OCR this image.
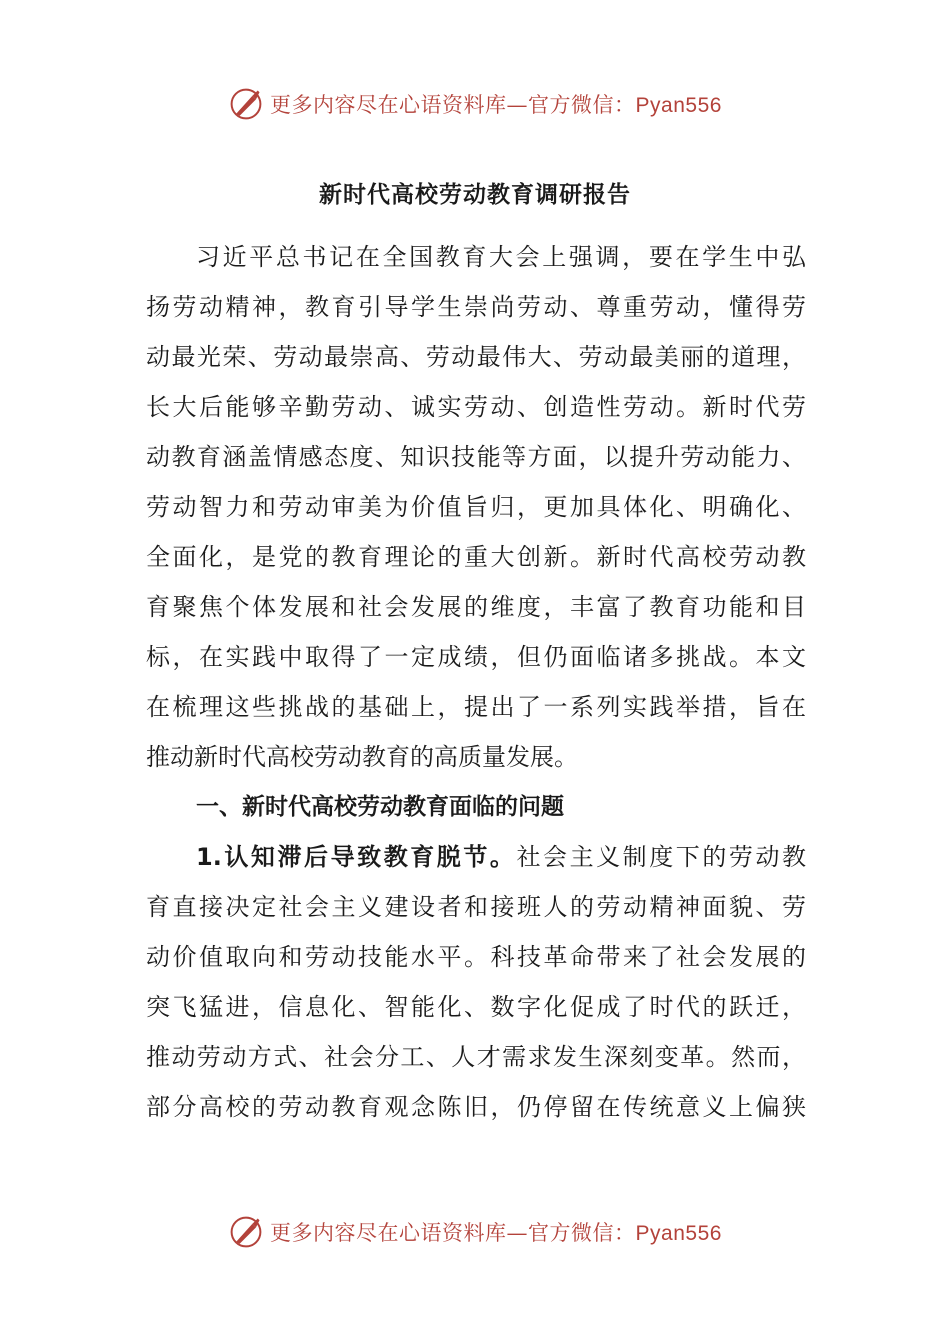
更多内容尽在心语资料库—官方微信：Pyan556
新时代高校劳动教育调研报告
习近平总书记在全国教育大会上强调，要在学生中弘
扬劳动精神，教育引导学生崇尚劳动、尊重劳动，懂得劳
动最光荣、劳动最崇高、劳动最伟大、劳动最美丽的道理，
长大后能够辛勤劳动、诚实劳动、创造性劳动。新时代劳
动教育涵盖情感态度、知识技能等方面，以提升劳动能力、
劳动智力和劳动审美为价值旨归，更加具体化、明确化、
全面化，是党的教育理论的重大创新。新时代高校劳动教
育聚焦个体发展和社会发展的维度，丰富了教育功能和目
标，在实践中取得了一定成绩，但仍面临诸多挑战。本文
在梳理这些挑战的基础上，提出了一系列实践举措，旨在
推动新时代高校劳动教育的高质量发展。
一、新时代高校劳动教育面临的问题
1.认知滞后导致教育脱节。社会主义制度下的劳动教
育直接决定社会主义建设者和接班人的劳动精神面貌、劳
动价值取向和劳动技能水平。科技革命带来了社会发展的
突飞猛进，信息化、智能化、数字化促成了时代的跃迁，
推动劳动方式、社会分工、人才需求发生深刻变革。然而，
部分高校的劳动教育观念陈旧，仍停留在传统意义上偏狭
更多内容尽在心语资料库—官方微信：Pyan556
